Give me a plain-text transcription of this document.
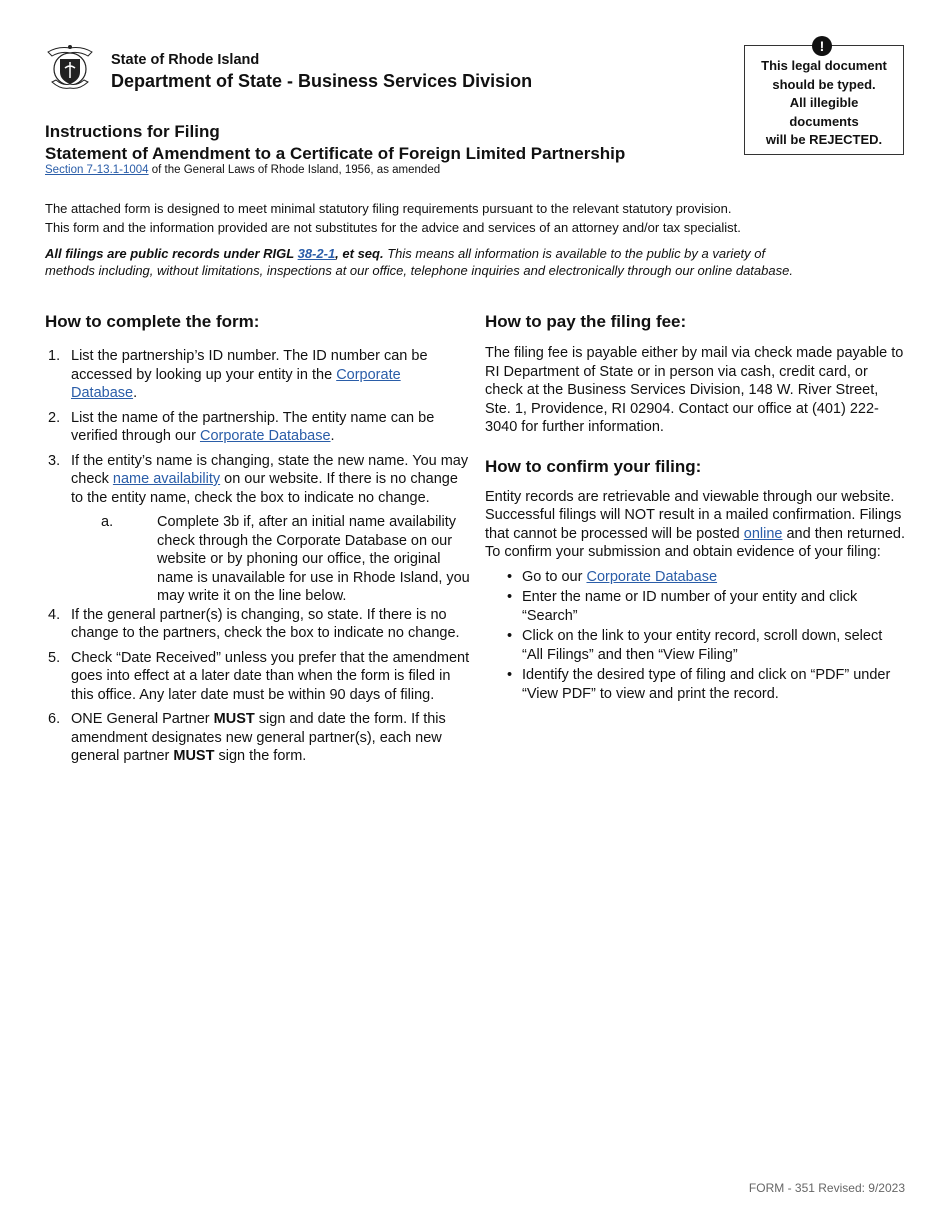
State of Rhode Island
Department of State - Business Services Division
This legal document
should be typed.
All illegible
documents
will be REJECTED.
!
Instructions for Filing
Statement of Amendment to a Certificate of Foreign Limited Partnership
Section 7-13.1-1004 of the General Laws of Rhode Island, 1956, as amended
The attached form is designed to meet minimal statutory filing requirements pursuant to the relevant statutory provision.
This form and the information provided are not substitutes for the advice and services of an attorney and/or tax specialist.
All filings are public records under RIGL 38-2-1, et seq. This means all information is available to the public by a variety of methods including, without limitations, inspections at our office, telephone inquiries and electronically through our online database.
How to complete the form:
1. List the partnership’s ID number. The ID number can be accessed by looking up your entity in the Corporate Database.
2. List the name of the partnership. The entity name can be verified through our Corporate Database.
3. If the entity’s name is changing, state the new name. You may check name availability on our website. If there is no change to the entity name, check the box to indicate no change.
a.	Complete 3b if, after an initial name availability check through the Corporate Database on our website or by phoning our office, the original name is unavailable for use in Rhode Island, you may write it on the line below.
4. If the general partner(s) is changing, so state. If there is no change to the partners, check the box to indicate no change.
5. Check “Date Received” unless you prefer that the amendment goes into effect at a later date than when the form is filed in this office. Any later date must be within 90 days of filing.
6. ONE General Partner MUST sign and date the form. If this amendment designates new general partner(s), each new general partner MUST sign the form.
How to pay the filing fee:
The filing fee is payable either by mail via check made payable to RI Department of State or in person via cash, credit card, or check at the Business Services Division, 148 W. River Street, Ste. 1, Providence, RI 02904. Contact our office at (401) 222-3040 for further information.
How to confirm your filing:
Entity records are retrievable and viewable through our website. Successful filings will NOT result in a mailed confirmation. Filings that cannot be processed will be posted online and then returned. To confirm your submission and obtain evidence of your filing:
• Go to our Corporate Database
• Enter the name or ID number of your entity and click “Search”
• Click on the link to your entity record, scroll down, select “All Filings” and then “View Filing”
• Identify the desired type of filing and click on “PDF” under “View PDF” to view and print the record.
FORM - 351 Revised: 9/2023
